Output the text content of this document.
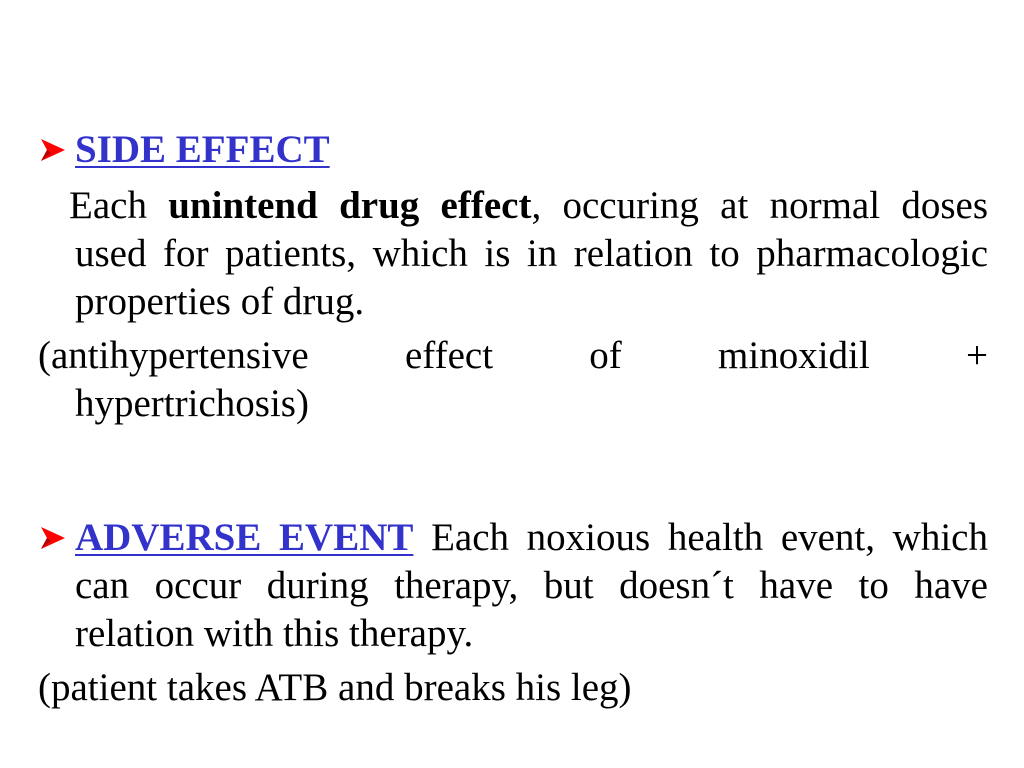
SIDE EFFECT
Each unintend drug effect, occuring at normal doses used for patients, which is in relation to pharmacologic properties of drug.
(antihypertensive effect of minoxidil +
hypertrichosis)
ADVERSE EVENT Each noxious health event, which can occur during therapy, but doesn´t have to have relation with this therapy.
(patient takes ATB and breaks his leg)
